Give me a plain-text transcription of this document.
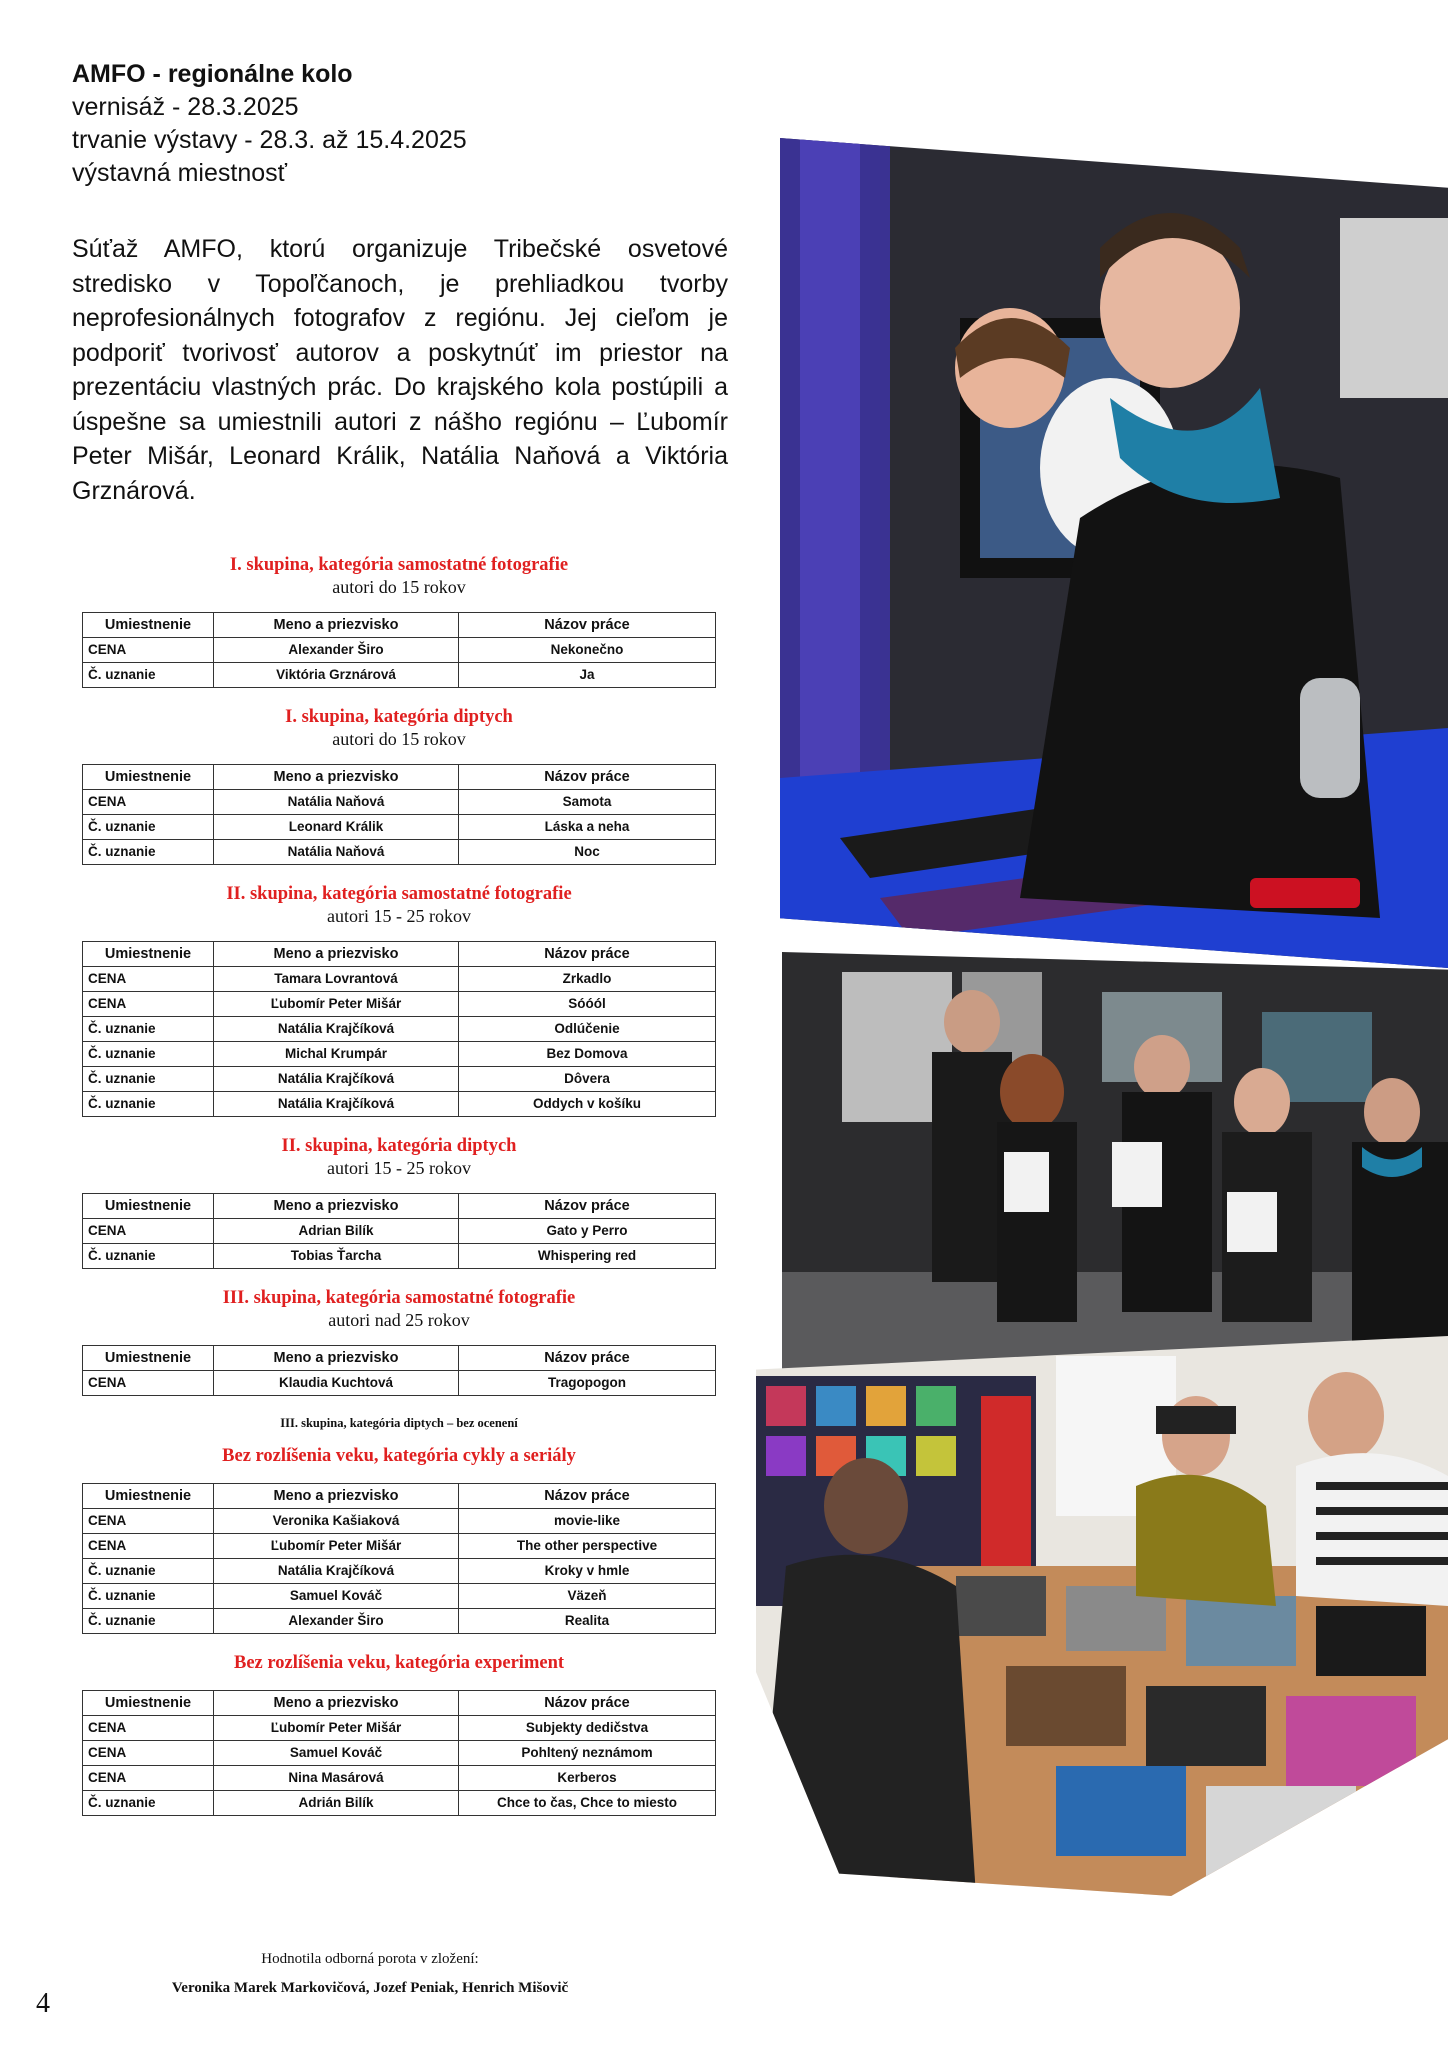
AMFO - regionálne kolo
vernisáž - 28.3.2025
trvanie výstavy - 28.3. až 15.4.2025
výstavná miestnosť
Súťaž AMFO, ktorú organizuje Tribečské osvetové stredisko v Topoľčanoch, je prehliadkou tvorby neprofesionálnych fotografov z regiónu. Jej cieľom je podporiť tvorivosť autorov a poskytnúť im priestor na prezentáciu vlastných prác. Do krajského kola postúpili a úspešne sa umiestnili autori z nášho regiónu – Ľubomír Peter Mišár, Leonard Králik, Natália Naňová a Viktória Grznárová.
I. skupina, kategória samostatné fotografie
autori do 15 rokov
Umiestnenie	Meno a priezvisko	Názov práce
CENA	Alexander Širo	Nekonečno
Č. uznanie	Viktória Grznárová	Ja
I. skupina, kategória diptych
autori do 15 rokov
Umiestnenie	Meno a priezvisko	Názov práce
CENA	Natália Naňová	Samota
Č. uznanie	Leonard Králik	Láska a neha
Č. uznanie	Natália Naňová	Noc
II. skupina, kategória samostatné fotografie
autori 15 - 25 rokov
Umiestnenie	Meno a priezvisko	Názov práce
CENA	Tamara Lovrantová	Zrkadlo
CENA	Ľubomír Peter Mišár	Sóóól
Č. uznanie	Natália Krajčíková	Odlúčenie
Č. uznanie	Michal Krumpár	Bez Domova
Č. uznanie	Natália Krajčíková	Dôvera
Č. uznanie	Natália Krajčíková	Oddych v košíku
II. skupina, kategória diptych
autori 15 - 25 rokov
Umiestnenie	Meno a priezvisko	Názov práce
CENA	Adrian Bilík	Gato y Perro
Č. uznanie	Tobias Ťarcha	Whispering red
III. skupina, kategória samostatné fotografie
autori nad 25 rokov
Umiestnenie	Meno a priezvisko	Názov práce
CENA	Klaudia Kuchtová	Tragopogon
III. skupina, kategória diptych – bez ocenení
Bez rozlíšenia veku, kategória cykly a seriály
Umiestnenie	Meno a priezvisko	Názov práce
CENA	Veronika Kašiaková	movie-like
CENA	Ľubomír Peter Mišár	The other perspective
Č. uznanie	Natália Krajčíková	Kroky v hmle
Č. uznanie	Samuel Kováč	Väzeň
Č. uznanie	Alexander Širo	Realita
Bez rozlíšenia veku, kategória experiment
Umiestnenie	Meno a priezvisko	Názov práce
CENA	Ľubomír Peter Mišár	Subjekty dedičstva
CENA	Samuel Kováč	Pohltený neznámom
CENA	Nina Masárová	Kerberos
Č. uznanie	Adrián Bilík	Chce to čas, Chce to miesto
Hodnotila odborná porota v zložení:
Veronika Marek Markovičová, Jozef Peniak, Henrich Mišovič
4
